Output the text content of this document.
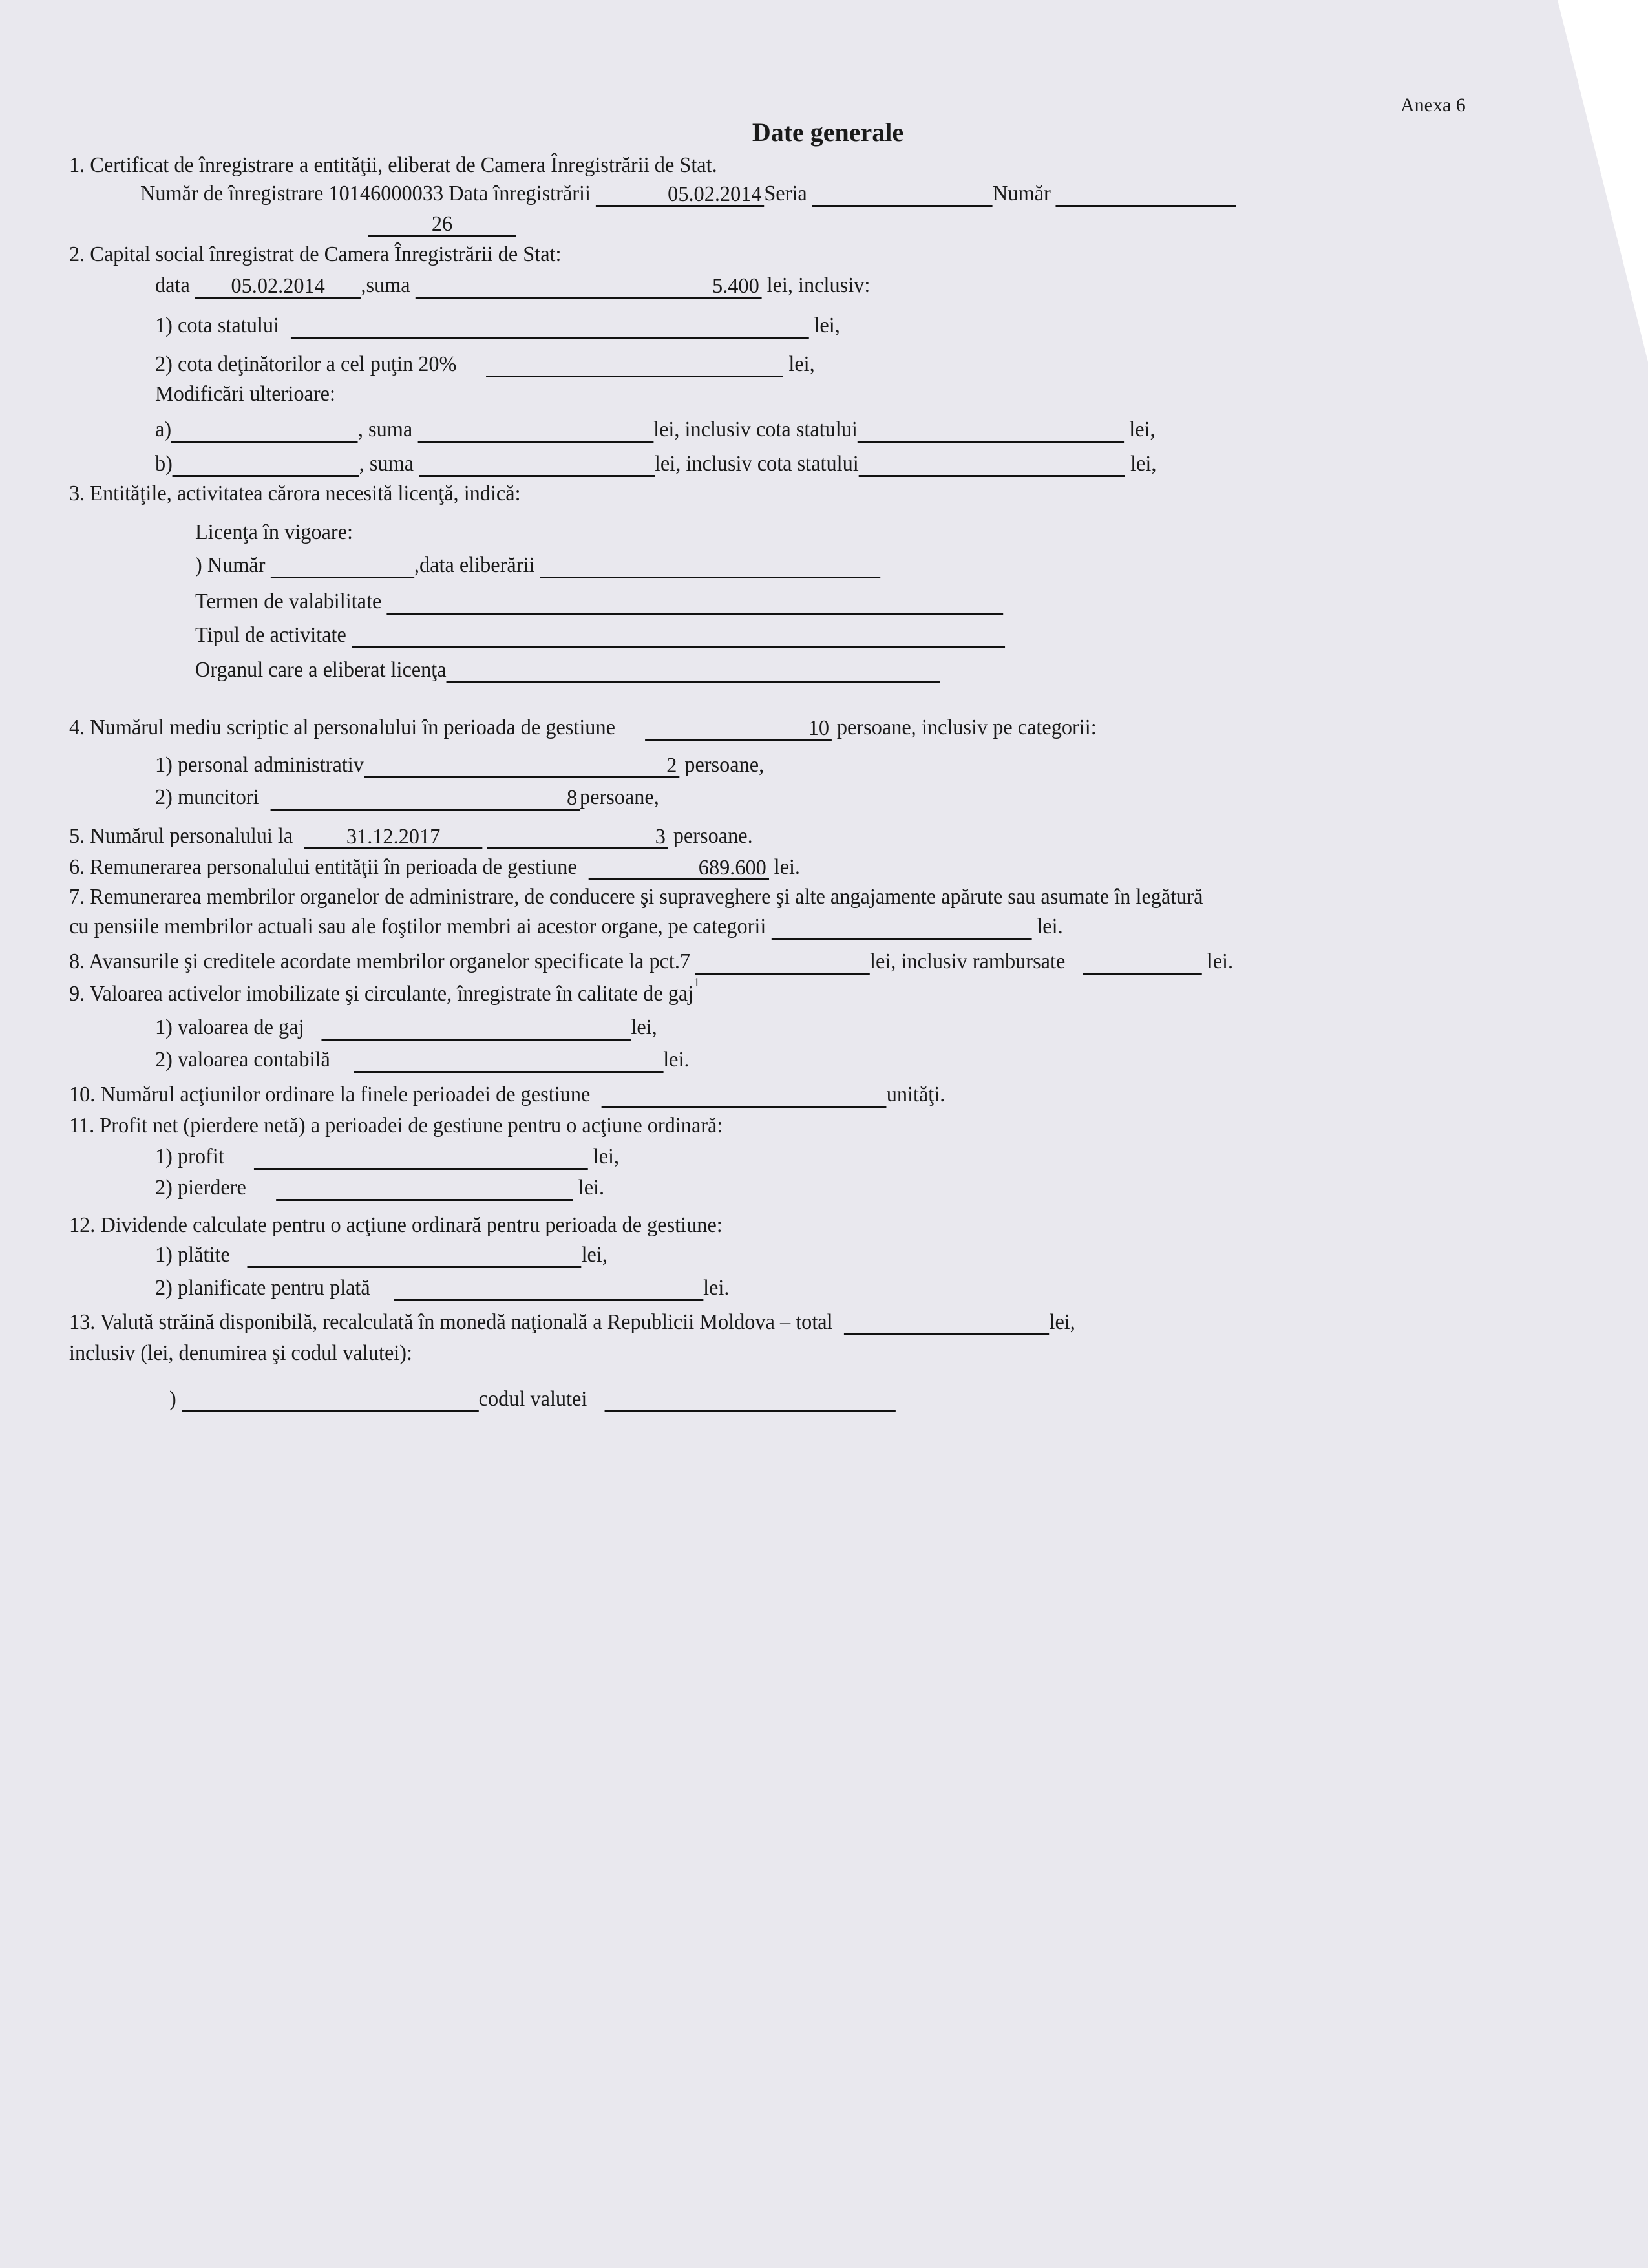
Anexa 6
Date generale
1. Certificat de înregistrare a entităţii, eliberat de Camera Înregistrării de Stat.
Număr de înregistrare 10146000033 Data înregistrării	05.02.2014 Seria	Număr
26
2. Capital social înregistrat de Camera Înregistrării de Stat:
data 05.02.2014 ,suma	5.400 lei, inclusiv:
1) cota statului	lei,
2) cota deţinătorilor a cel puţin 20%	lei,
Modificări ulterioare:
a)	, suma	lei, inclusiv cota statului	lei,
b)	, suma	lei, inclusiv cota statului	lei,
3. Entităţile, activitatea cărora necesită licenţă, indică:
Licenţa în vigoare:
) Număr	,data eliberării
Termen de valabilitate
Tipul de activitate
Organul care a eliberat licenţa
4. Numărul mediu scriptic al personalului în perioada de gestiune	10 persoane, inclusiv pe categorii:
1) personal administrativ	2 persoane,
2) muncitori	8 persoane,
5. Numărul personalului la 31.12.2017	3 persoane.
6. Remunerarea personalului entităţii în perioada de gestiune	689.600 lei.
7. Remunerarea membrilor organelor de administrare, de conducere şi supraveghere şi alte angajamente apărute sau asumate în legătură
cu pensiile membrilor actuali sau ale foştilor membri ai acestor organe, pe categorii	lei.
8. Avansurile şi creditele acordate membrilor organelor specificate la pct.7	lei, inclusiv rambursate	lei.
9. Valoarea activelor imobilizate şi circulante, înregistrate în calitate de gaj$^1$
1) valoarea de gaj	lei,
2) valoarea contabilă	lei.
10. Numărul acţiunilor ordinare la finele perioadei de gestiune	unităţi.
11. Profit net (pierdere netă) a perioadei de gestiune pentru o acţiune ordinară:
1) profit	lei,
2) pierdere	lei.
12. Dividende calculate pentru o acţiune ordinară pentru perioada de gestiune:
1) plătite	lei,
2) planificate pentru plată	lei.
13. Valută străină disponibilă, recalculată în monedă naţională a Republicii Moldova – total	lei,
inclusiv (lei, denumirea şi codul valutei):
)	codul valutei
